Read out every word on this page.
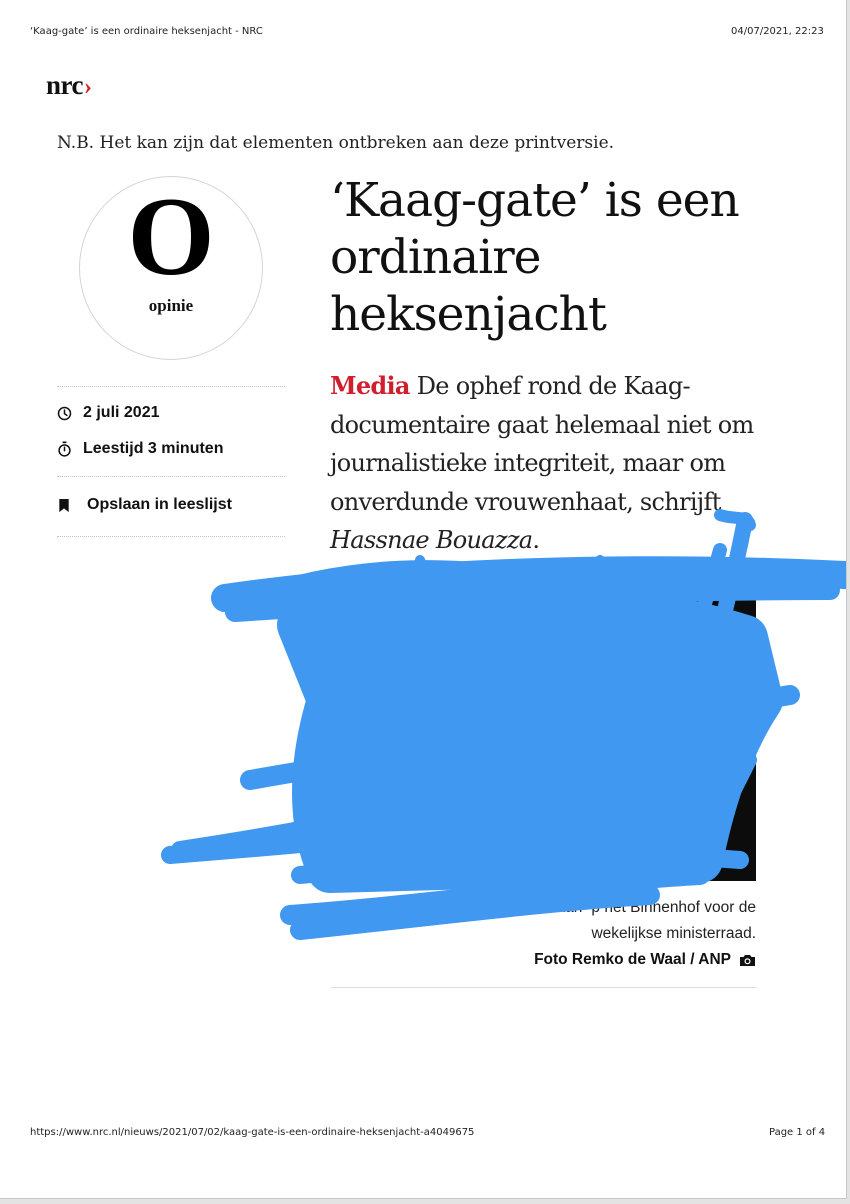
‘Kaag-gate’ is een ordinaire heksenjacht - NRC	04/07/2021, 22:23
nrc›
N.B. Het kan zijn dat elementen ontbreken aan deze printversie.
O
opinie
2 juli 2021
Leestijd 3 minuten
Opslaan in leeslijst
‘Kaag-gate’ is een ordinaire heksenjacht

Media De ophef rond de Kaag-documentaire gaat helemaal niet om journalistieke integriteit, maar om onverdunde vrouwenhaat, schrijft Hassnae Bouazza.

Sigrid K mt aan p het Binnenhof voor de
wekelijkse ministerraad.
Foto Remko de Waal / ANP
https://www.nrc.nl/nieuws/2021/07/02/kaag-gate-is-een-ordinaire-heksenjacht-a4049675	Page 1 of 4
